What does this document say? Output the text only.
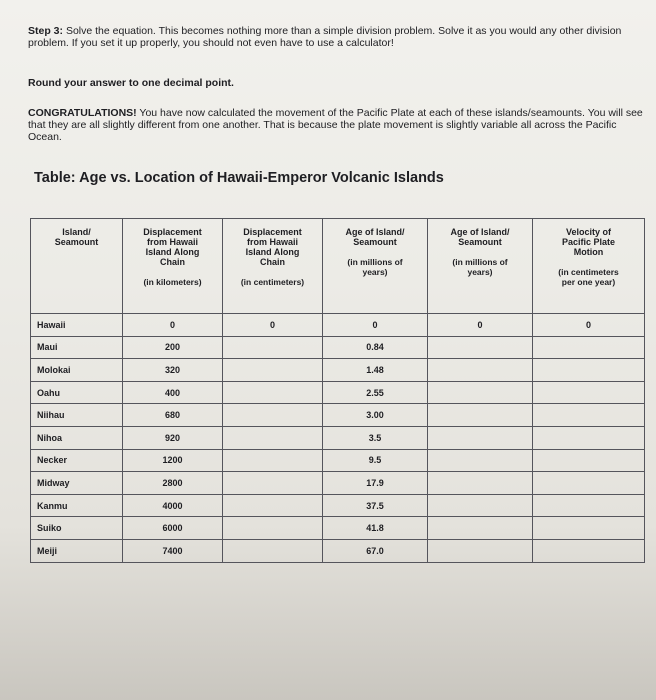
Step 3: Solve the equation. This becomes nothing more than a simple division problem. Solve it as you would any other division problem. If you set it up properly, you should not even have to use a calculator!

Round your answer to one decimal point.

CONGRATULATIONS! You have now calculated the movement of the Pacific Plate at each of these islands/seamounts. You will see that they are all slightly different from one another. That is because the plate movement is slightly variable all across the Pacific Ocean.

Table: Age vs. Location of Hawaii-Emperor Volcanic Islands
Island/
Seamount	Displacement
from Hawaii
Island Along
Chain
(in kilometers)	Displacement
from Hawaii
Island Along
Chain
(in centimeters)	Age of Island/
Seamount
(in millions of
years)	Age of Island/
Seamount
(in millions of
years)	Velocity of
Pacific Plate
Motion
(in centimeters
per one year)

Hawaii	0	0	0	0	0
Maui	200		0.84		
Molokai	320		1.48		
Oahu	400		2.55		
Niihau	680		3.00		
Nihoa	920		3.5		
Necker	1200		9.5		
Midway	2800		17.9		
Kanmu	4000		37.5		
Suiko	6000		41.8		
Meiji	7400		67.0		
